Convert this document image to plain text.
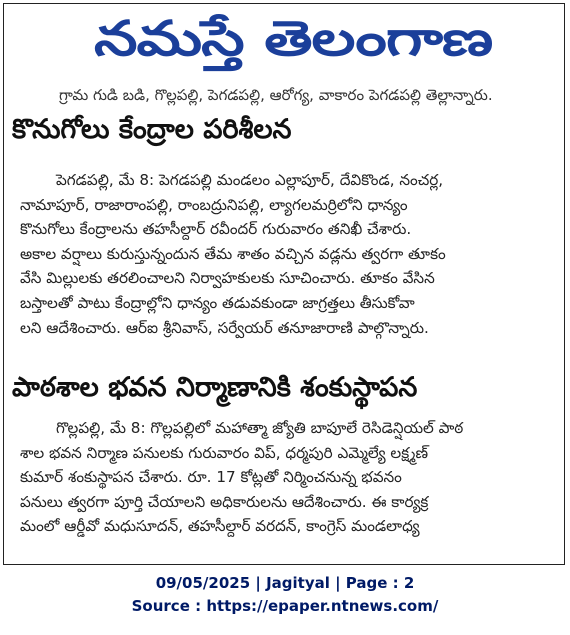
నమస్తే తెలంగాణ
గ్రామ గుడి బడి, గొల్లపల్లి, పెగడపల్లి, ఆరోగ్య, వాకారం పెగడపల్లి తెల్లాన్నారు.
కొనుగోలు కేంద్రాల పరిశీలన
పెగడపల్లి, మే 8: పెగడపల్లి మండలం ఎల్లాపూర్, దేవికొండ, నంచర్ల,
నామాపూర్, రాజారాంపల్లి, రాంబద్రునిపల్లి, ల్యాగలమర్రిలోని ధాన్యం
కొనుగోలు కేంద్రాలను తహసీల్దార్ రవీందర్ గురువారం తనిఖీ చేశారు.
అకాల వర్షాలు కురుస్తున్నందున తేమ శాతం వచ్చిన వడ్లను త్వరగా తూకం
వేసి మిల్లులకు తరలించాలని నిర్వాహకులకు సూచించారు. తూకం వేసిన
బస్తాలతో పాటు కేంద్రాల్లోని ధాన్యం తడువకుండా జాగ్రత్తలు తీసుకోవా
లని ఆదేశించారు. ఆర్ఐ శ్రీనివాస్, సర్వేయర్ తనూజారాణి పాల్గొన్నారు.
పాఠశాల భవన నిర్మాణానికి శంకుస్థాపన
గొల్లపల్లి, మే 8: గొల్లపల్లిలో మహాత్మా జ్యోతి బాపూలే రెసిడెన్షియల్ పాఠ
శాల భవన నిర్మాణ పనులకు గురువారం విప్, ధర్మపురి ఎమ్మెల్యే లక్ష్మణ్
కుమార్ శంకుస్థాపన చేశారు. రూ. 17 కోట్లతో నిర్మించనున్న భవనం
పనులు త్వరగా పూర్తి చేయాలని అధికారులను ఆదేశించారు. ఈ కార్యక్ర
మంలో ఆర్డీవో మధుసూదన్, తహసీల్దార్ వరదన్, కాంగ్రెస్ మండలాధ్య
09/05/2025 | Jagityal | Page : 2
Source : https://epaper.ntnews.com/
